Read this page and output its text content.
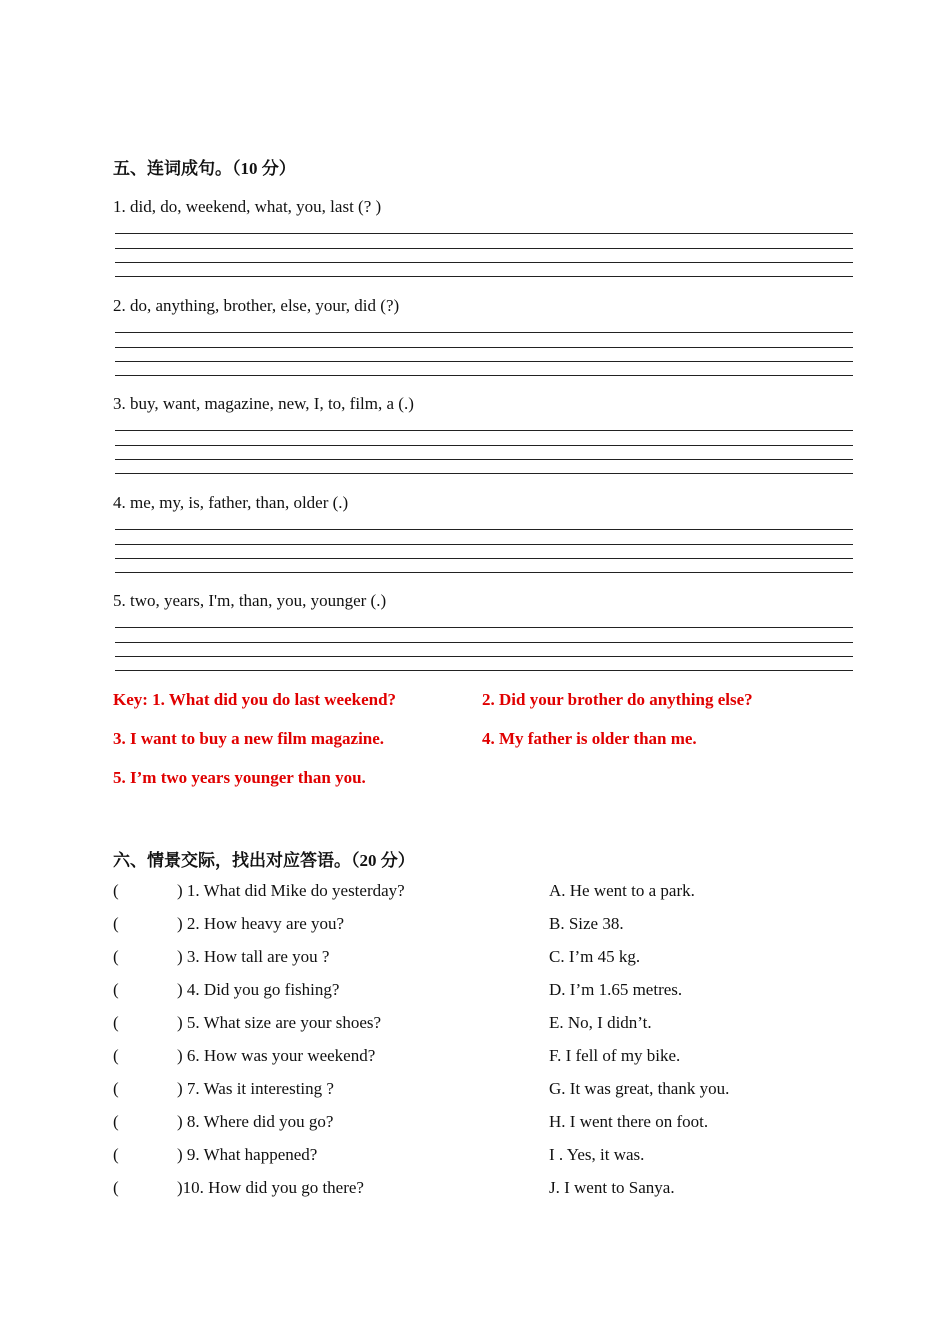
五、连词成句。（10 分）
1. did, do, weekend, what, you, last (? )
2. do, anything, brother, else, your, did (?)
3. buy, want, magazine, new, I, to, film, a (.)
4. me, my, is, father, than, older (.)
5. two, years, I'm, than, you, younger (.)
Key: 1. What did you do last weekend?	2. Did your brother do anything else?
3. I want to buy a new film magazine.	4. My father is older than me.
5. I’m two years younger than you.
六、情景交际，找出对应答语。（20 分）
(	) 1. What did Mike do yesterday?	A. He went to a park.
(	) 2. How heavy are you?	B. Size 38.
(	) 3. How tall are you ?	C. I’m 45 kg.
(	) 4. Did you go fishing?	D. I’m 1.65 metres.
(	) 5. What size are your shoes?	E. No, I didn’t.
(	) 6. How was your weekend?	F. I fell of my bike.
(	) 7. Was it interesting ?	G. It was great, thank you.
(	) 8. Where did you go?	H. I went there on foot.
(	) 9. What happened?	I . Yes, it was.
(	)10. How did you go there?	J. I went to Sanya.
